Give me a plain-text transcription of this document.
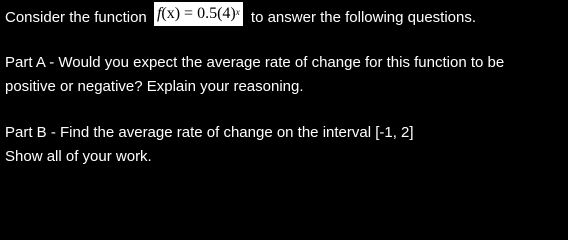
Consider the function $f(x) = 0.5(4)^x$ to answer the following questions.
Part A - Would you expect the average rate of change for this function to be
positive or negative? Explain your reasoning.
Part B - Find the average rate of change on the interval [-1, 2]
Show all of your work.
